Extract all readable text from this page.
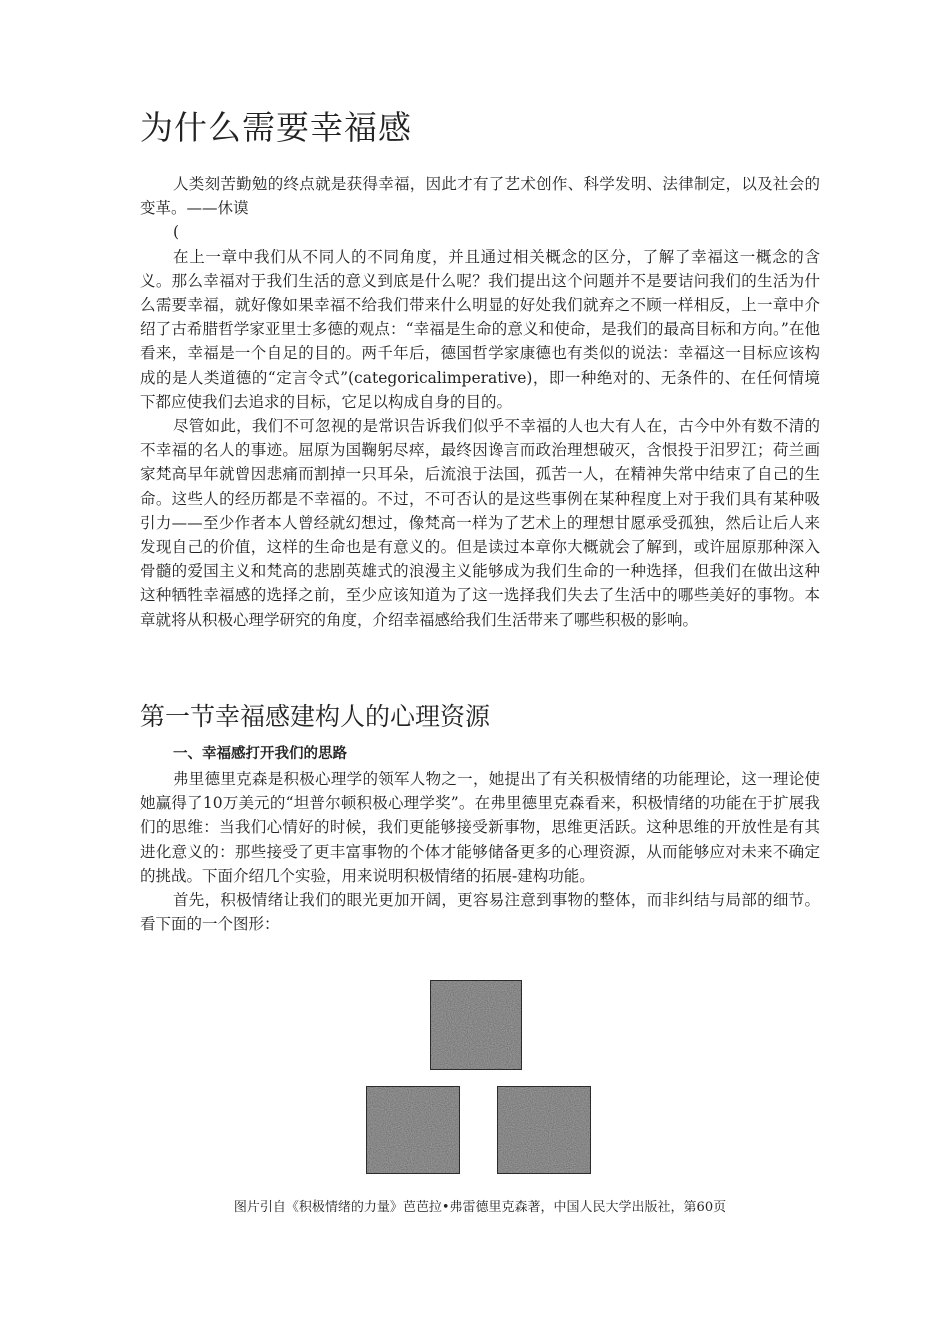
为什么需要幸福感

人类刻苦勤勉的终点就是获得幸福，因此才有了艺术创作、科学发明、法律制定，以及社会的变革。——休谟

(

在上一章中我们从不同人的不同角度，并且通过相关概念的区分，了解了幸福这一概念的含义。那么幸福对于我们生活的意义到底是什么呢？我们提出这个问题并不是要诘问我们的生活为什么需要幸福，就好像如果幸福不给我们带来什么明显的好处我们就弃之不顾一样相反，上一章中介绍了古希腊哲学家亚里士多德的观点：“幸福是生命的意义和使命，是我们的最高目标和方向。”在他看来，幸福是一个自足的目的。两千年后，德国哲学家康德也有类似的说法：幸福这一目标应该构成的是人类道德的“定言令式”(categoricalimperative)，即一种绝对的、无条件的、在任何情境下都应使我们去追求的目标，它足以构成自身的目的。

尽管如此，我们不可忽视的是常识告诉我们似乎不幸福的人也大有人在，古今中外有数不清的不幸福的名人的事迹。屈原为国鞠躬尽瘁，最终因谗言而政治理想破灭，含恨投于汨罗江；荷兰画家梵高早年就曾因悲痛而割掉一只耳朵，后流浪于法国，孤苦一人，在精神失常中结束了自己的生命。这些人的经历都是不幸福的。不过，不可否认的是这些事例在某种程度上对于我们具有某种吸引力——至少作者本人曾经就幻想过，像梵高一样为了艺术上的理想甘愿承受孤独，然后让后人来发现自己的价值，这样的生命也是有意义的。但是读过本章你大概就会了解到，或许屈原那种深入骨髓的爱国主义和梵高的悲剧英雄式的浪漫主义能够成为我们生命的一种选择，但我们在做出这种这种牺牲幸福感的选择之前，至少应该知道为了这一选择我们失去了生活中的哪些美好的事物。本章就将从积极心理学研究的角度，介绍幸福感给我们生活带来了哪些积极的影响。

第一节幸福感建构人的心理资源
一、幸福感打开我们的思路

弗里德里克森是积极心理学的领军人物之一，她提出了有关积极情绪的功能理论，这一理论使她赢得了10万美元的“坦普尔顿积极心理学奖”。在弗里德里克森看来，积极情绪的功能在于扩展我们的思维：当我们心情好的时候，我们更能够接受新事物，思维更活跃。这种思维的开放性是有其进化意义的：那些接受了更丰富事物的个体才能够储备更多的心理资源，从而能够应对未来不确定的挑战。下面介绍几个实验，用来说明积极情绪的拓展-建构功能。

首先，积极情绪让我们的眼光更加开阔，更容易注意到事物的整体，而非纠结与局部的细节。看下面的一个图形：

图片引自《积极情绪的力量》芭芭拉•弗雷德里克森著，中国人民大学出版社，第60页
